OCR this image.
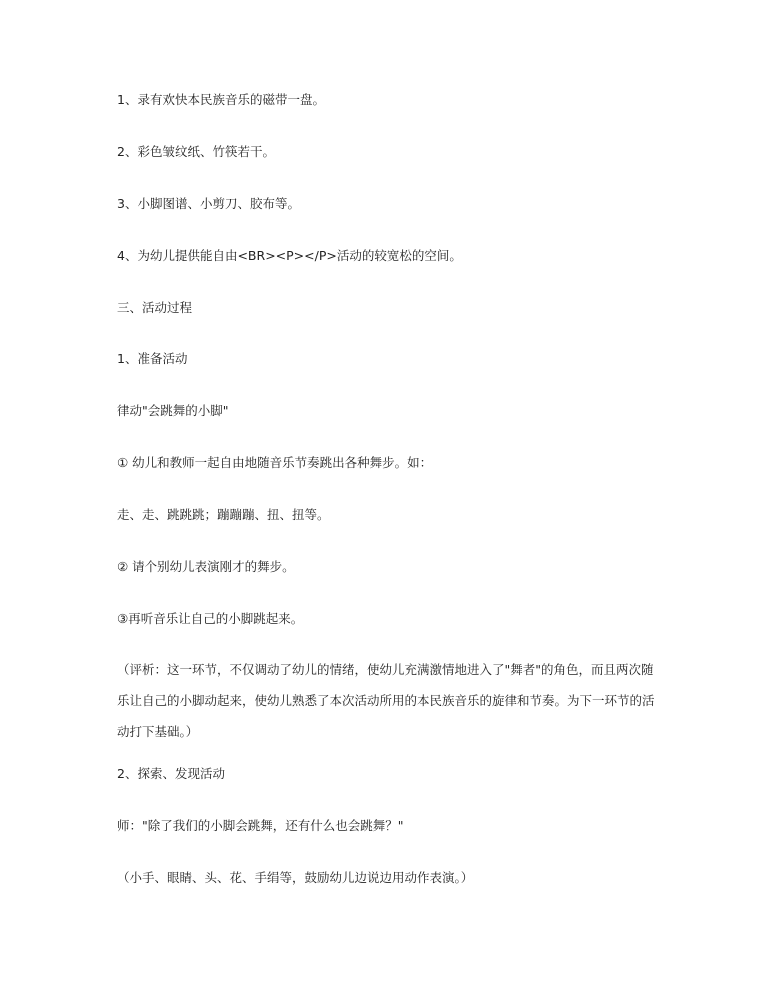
1、录有欢快本民族音乐的磁带一盘。

2、彩色皱纹纸、竹筷若干。

3、小脚图谱、小剪刀、胶布等。

4、为幼儿提供能自由<BR><P></P>活动的较宽松的空间。

三、活动过程

1、准备活动

律动"会跳舞的小脚"

① 幼儿和教师一起自由地随音乐节奏跳出各种舞步。如：

走、走、跳跳跳；蹦蹦蹦、扭、扭等。

② 请个别幼儿表演刚才的舞步。

③再听音乐让自己的小脚跳起来。

（评析：这一环节，不仅调动了幼儿的情绪，使幼儿充满激情地进入了"舞者"的角色，而且两次随乐让自己的小脚动起来，使幼儿熟悉了本次活动所用的本民族音乐的旋律和节奏。为下一环节的活动打下基础。）

2、探索、发现活动

师："除了我们的小脚会跳舞，还有什么也会跳舞？"

（小手、眼睛、头、花、手绢等，鼓励幼儿边说边用动作表演。）
